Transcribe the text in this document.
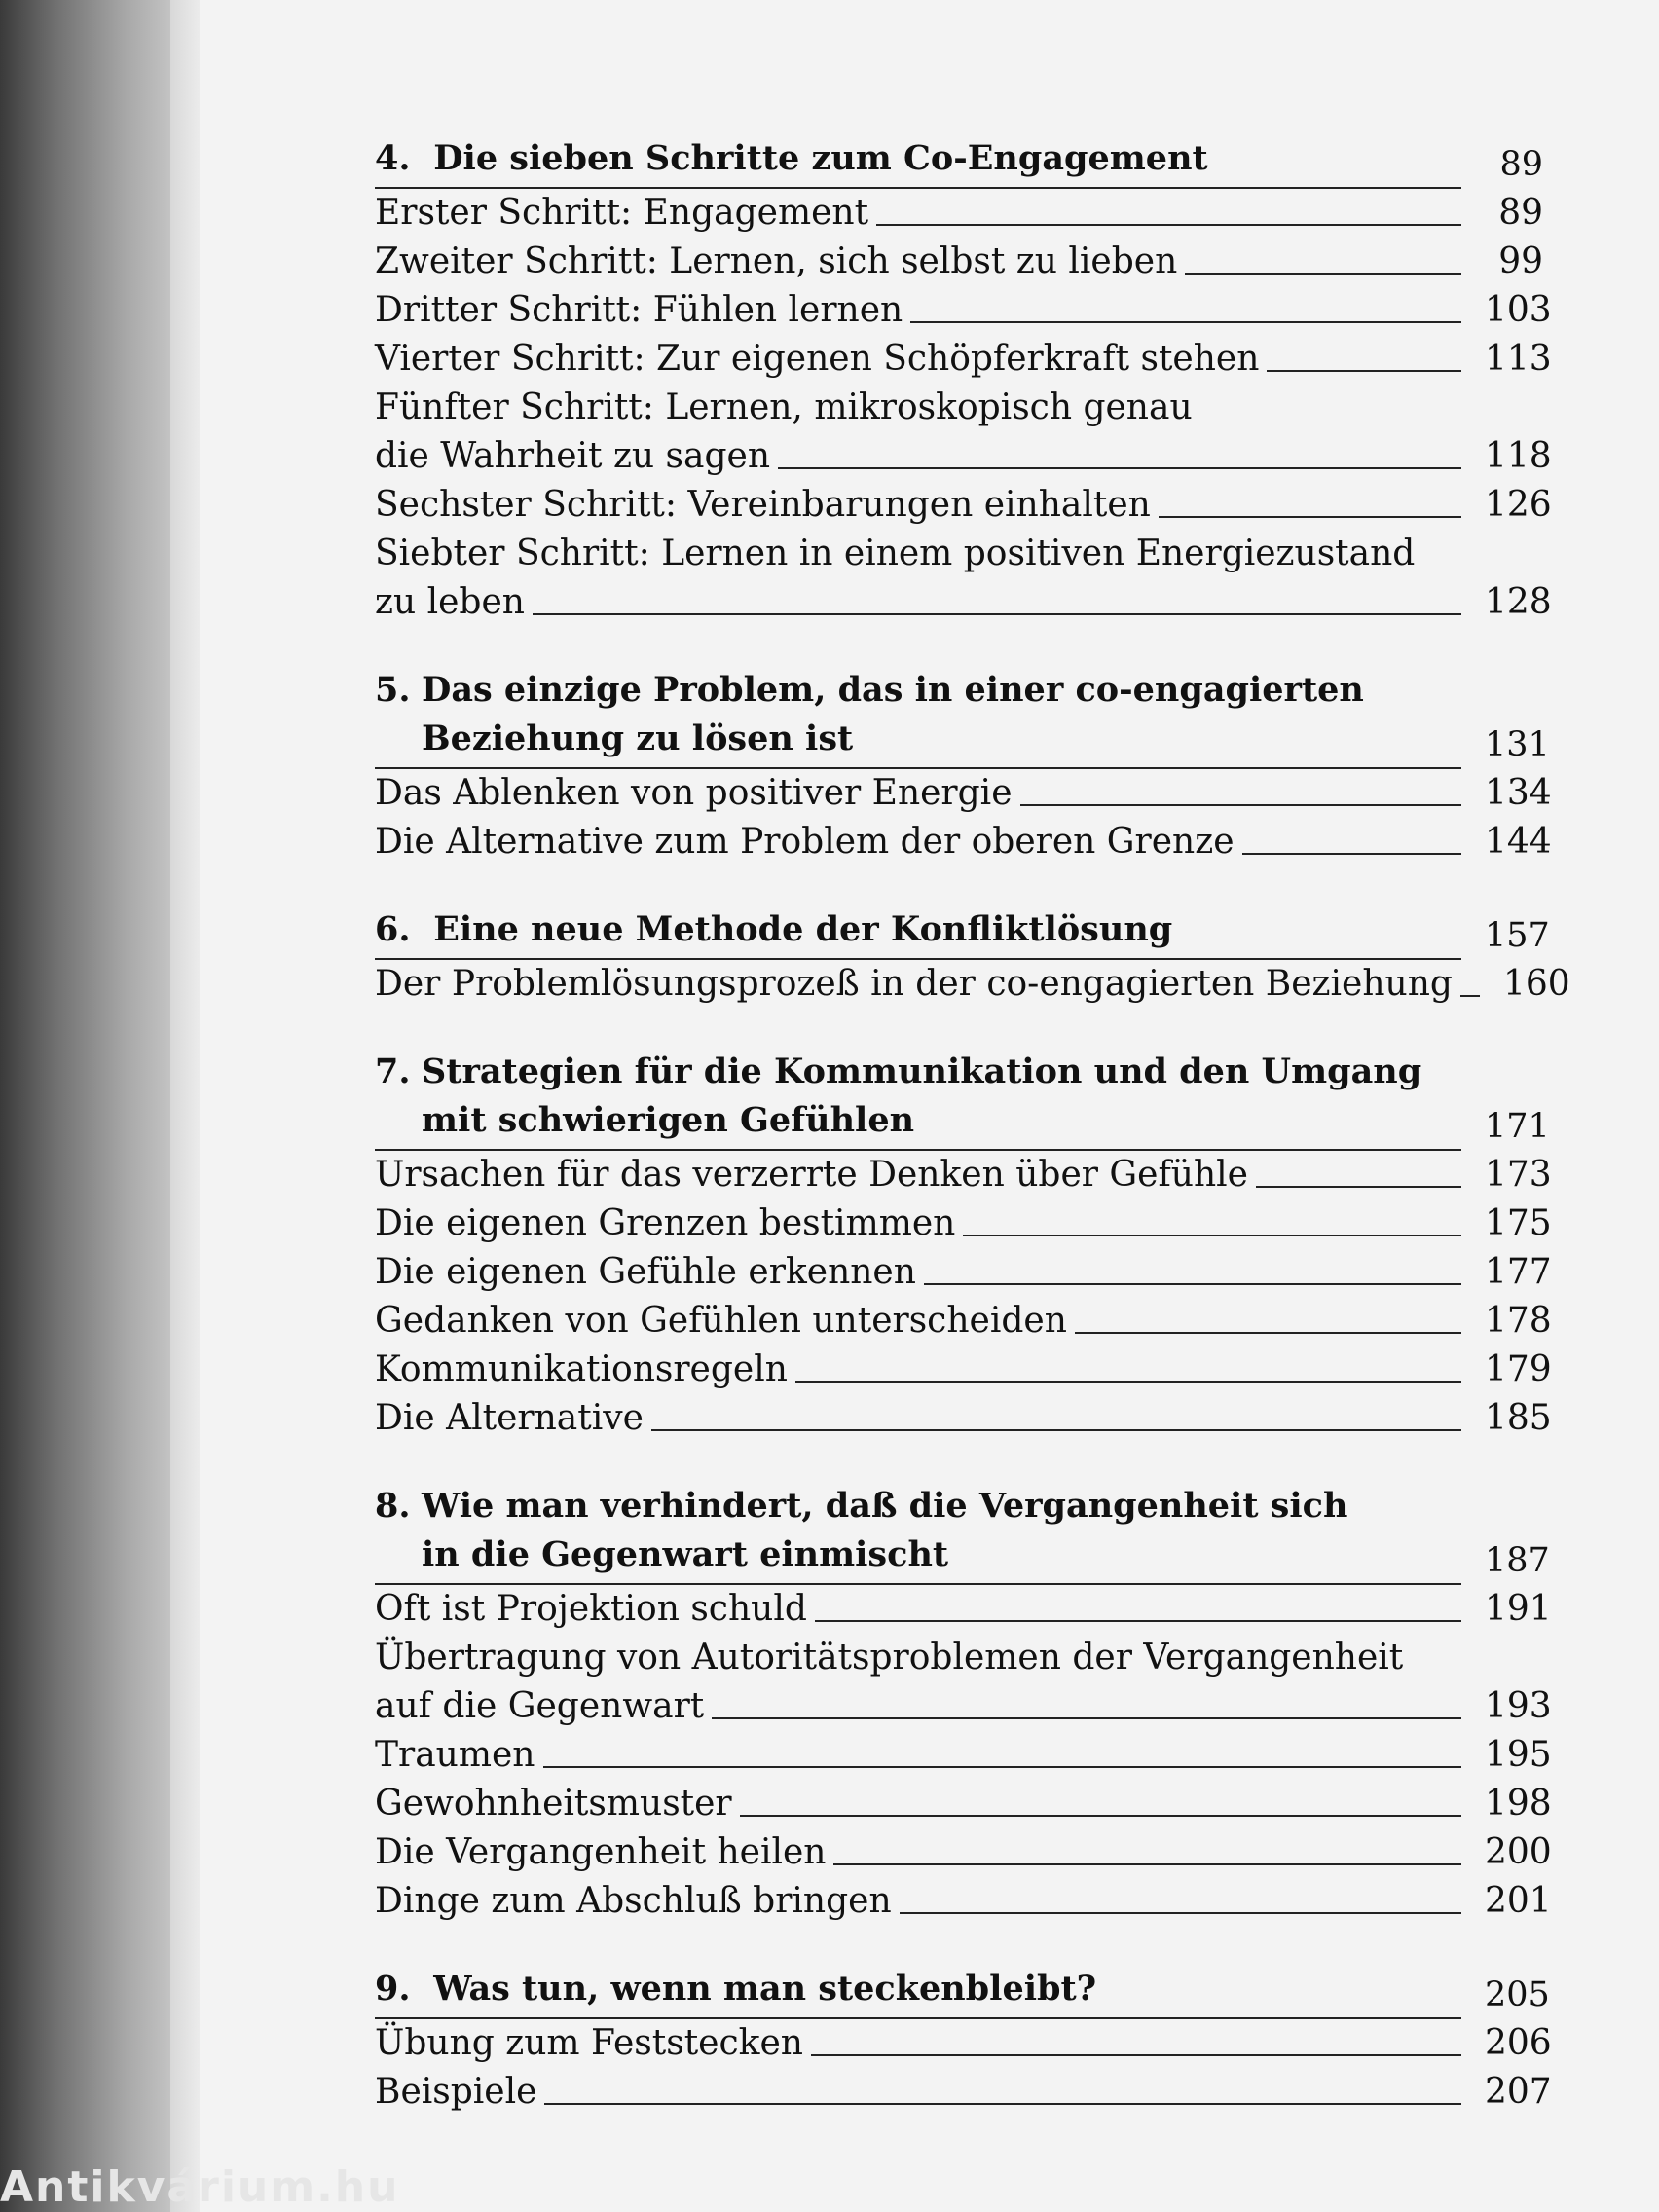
4. Die sieben Schritte zum Co-Engagement	89
Erster Schritt: Engagement	89
Zweiter Schritt: Lernen, sich selbst zu lieben	99
Dritter Schritt: Fühlen lernen	103
Vierter Schritt: Zur eigenen Schöpferkraft stehen	113
Fünfter Schritt: Lernen, mikroskopisch genau
die Wahrheit zu sagen	118
Sechster Schritt: Vereinbarungen einhalten	126
Siebter Schritt: Lernen in einem positiven Energiezustand
zu leben	128
5. Das einzige Problem, das in einer co-engagierten
Beziehung zu lösen ist	131
Das Ablenken von positiver Energie	134
Die Alternative zum Problem der oberen Grenze	144
6. Eine neue Methode der Konfliktlösung	157
Der Problemlösungsprozeß in der co-engagierten Beziehung 160
7. Strategien für die Kommunikation und den Umgang
mit schwierigen Gefühlen	171
Ursachen für das verzerrte Denken über Gefühle	173
Die eigenen Grenzen bestimmen	175
Die eigenen Gefühle erkennen	177
Gedanken von Gefühlen unterscheiden	178
Kommunikationsregeln	179
Die Alternative	185
8. Wie man verhindert, daß die Vergangenheit sich
in die Gegenwart einmischt	187
Oft ist Projektion schuld	191
Übertragung von Autoritätsproblemen der Vergangenheit
auf die Gegenwart	193
Traumen	195
Gewohnheitsmuster	198
Die Vergangenheit heilen	200
Dinge zum Abschluß bringen	201
9. Was tun, wenn man steckenbleibt?	205
Übung zum Feststecken	206
Beispiele	207
Antikvárium.hu
